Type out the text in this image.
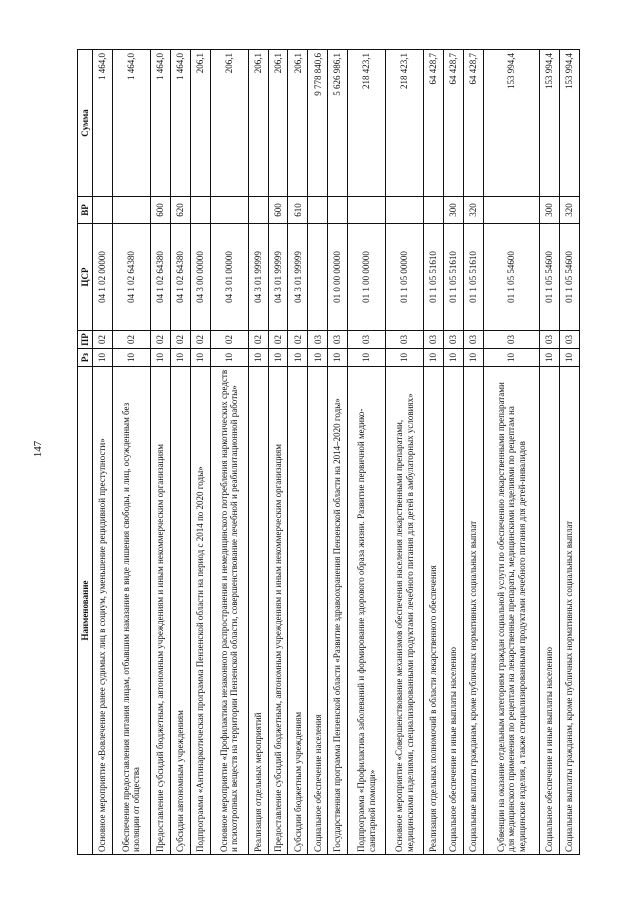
147
Наименование	Рз	ПР	ЦСР	ВР	Сумма
Основное мероприятие «Вовлечение ранее судимых лиц в социум, уменьшение рецидивной преступности»	10	02	04 1 02 00000		1 464,0
Обеспечение предоставления питания лицам, отбывшим наказание в виде лишения свободы, и лиц, осужденным без изоляции от общества	10	02	04 1 02 64380		1 464,0
Предоставление субсидий бюджетным, автономным учреждениям и иным некоммерческим организациям	10	02	04 1 02 64380	600	1 464,0
Субсидии автономным учреждениям	10	02	04 1 02 64380	620	1 464,0
Подпрограмма «Антинаркотическая программа Пензенской области на период с 2014 по 2020 годы»	10	02	04 3 00 00000		206,1
Основное мероприятие «Профилактика незаконного распространения и немедицинского потребления наркотических средств и психотропных веществ на территории Пензенской области, совершенствование лечебной и реабилитационной работы»	10	02	04 3 01 00000		206,1
Реализация отдельных мероприятий	10	02	04 3 01 99999		206,1
Предоставление субсидий бюджетным, автономным учреждениям и иным некоммерческим организациям	10	02	04 3 01 99999	600	206,1
Субсидии бюджетным учреждениям	10	02	04 3 01 99999	610	206,1
Социальное обеспечение населения	10	03			9 778 840,6
Государственная программа Пензенской области «Развитие здравоохранения Пензенской области на 2014–2020 годы»	10	03	01 0 00 00000		5 626 986,1
Подпрограмма «Профилактика заболеваний и формирование здорового образа жизни. Развитие первичной медико-санитарной помощи»	10	03	01 1 00 00000		218 423,1
Основное мероприятие «Совершенствование механизмов обеспечения населения лекарственными препаратами, медицинскими изделиями, специализированными продуктами лечебного питания для детей в амбулаторных условиях»	10	03	01 1 05 00000		218 423,1
Реализация отдельных полномочий в области лекарственного обеспечения	10	03	01 1 05 51610		64 428,7
Социальное обеспечение и иные выплаты населению	10	03	01 1 05 51610	300	64 428,7
Социальные выплаты гражданам, кроме публичных нормативных социальных выплат	10	03	01 1 05 51610	320	64 428,7
Субвенции на оказание отдельным категориям граждан социальной услуги по обеспечению лекарственными препаратами для медицинского применения по рецептам на лекарственные препараты, медицинскими изделиями по рецептам на медицинские изделия, а также специализированными продуктами лечебного питания для детей-инвалидов	10	03	01 1 05 54600		153 994,4
Социальное обеспечение и иные выплаты населению	10	03	01 1 05 54600	300	153 994,4
Социальные выплаты гражданам, кроме публичных нормативных социальных выплат	10	03	01 1 05 54600	320	153 994,4
